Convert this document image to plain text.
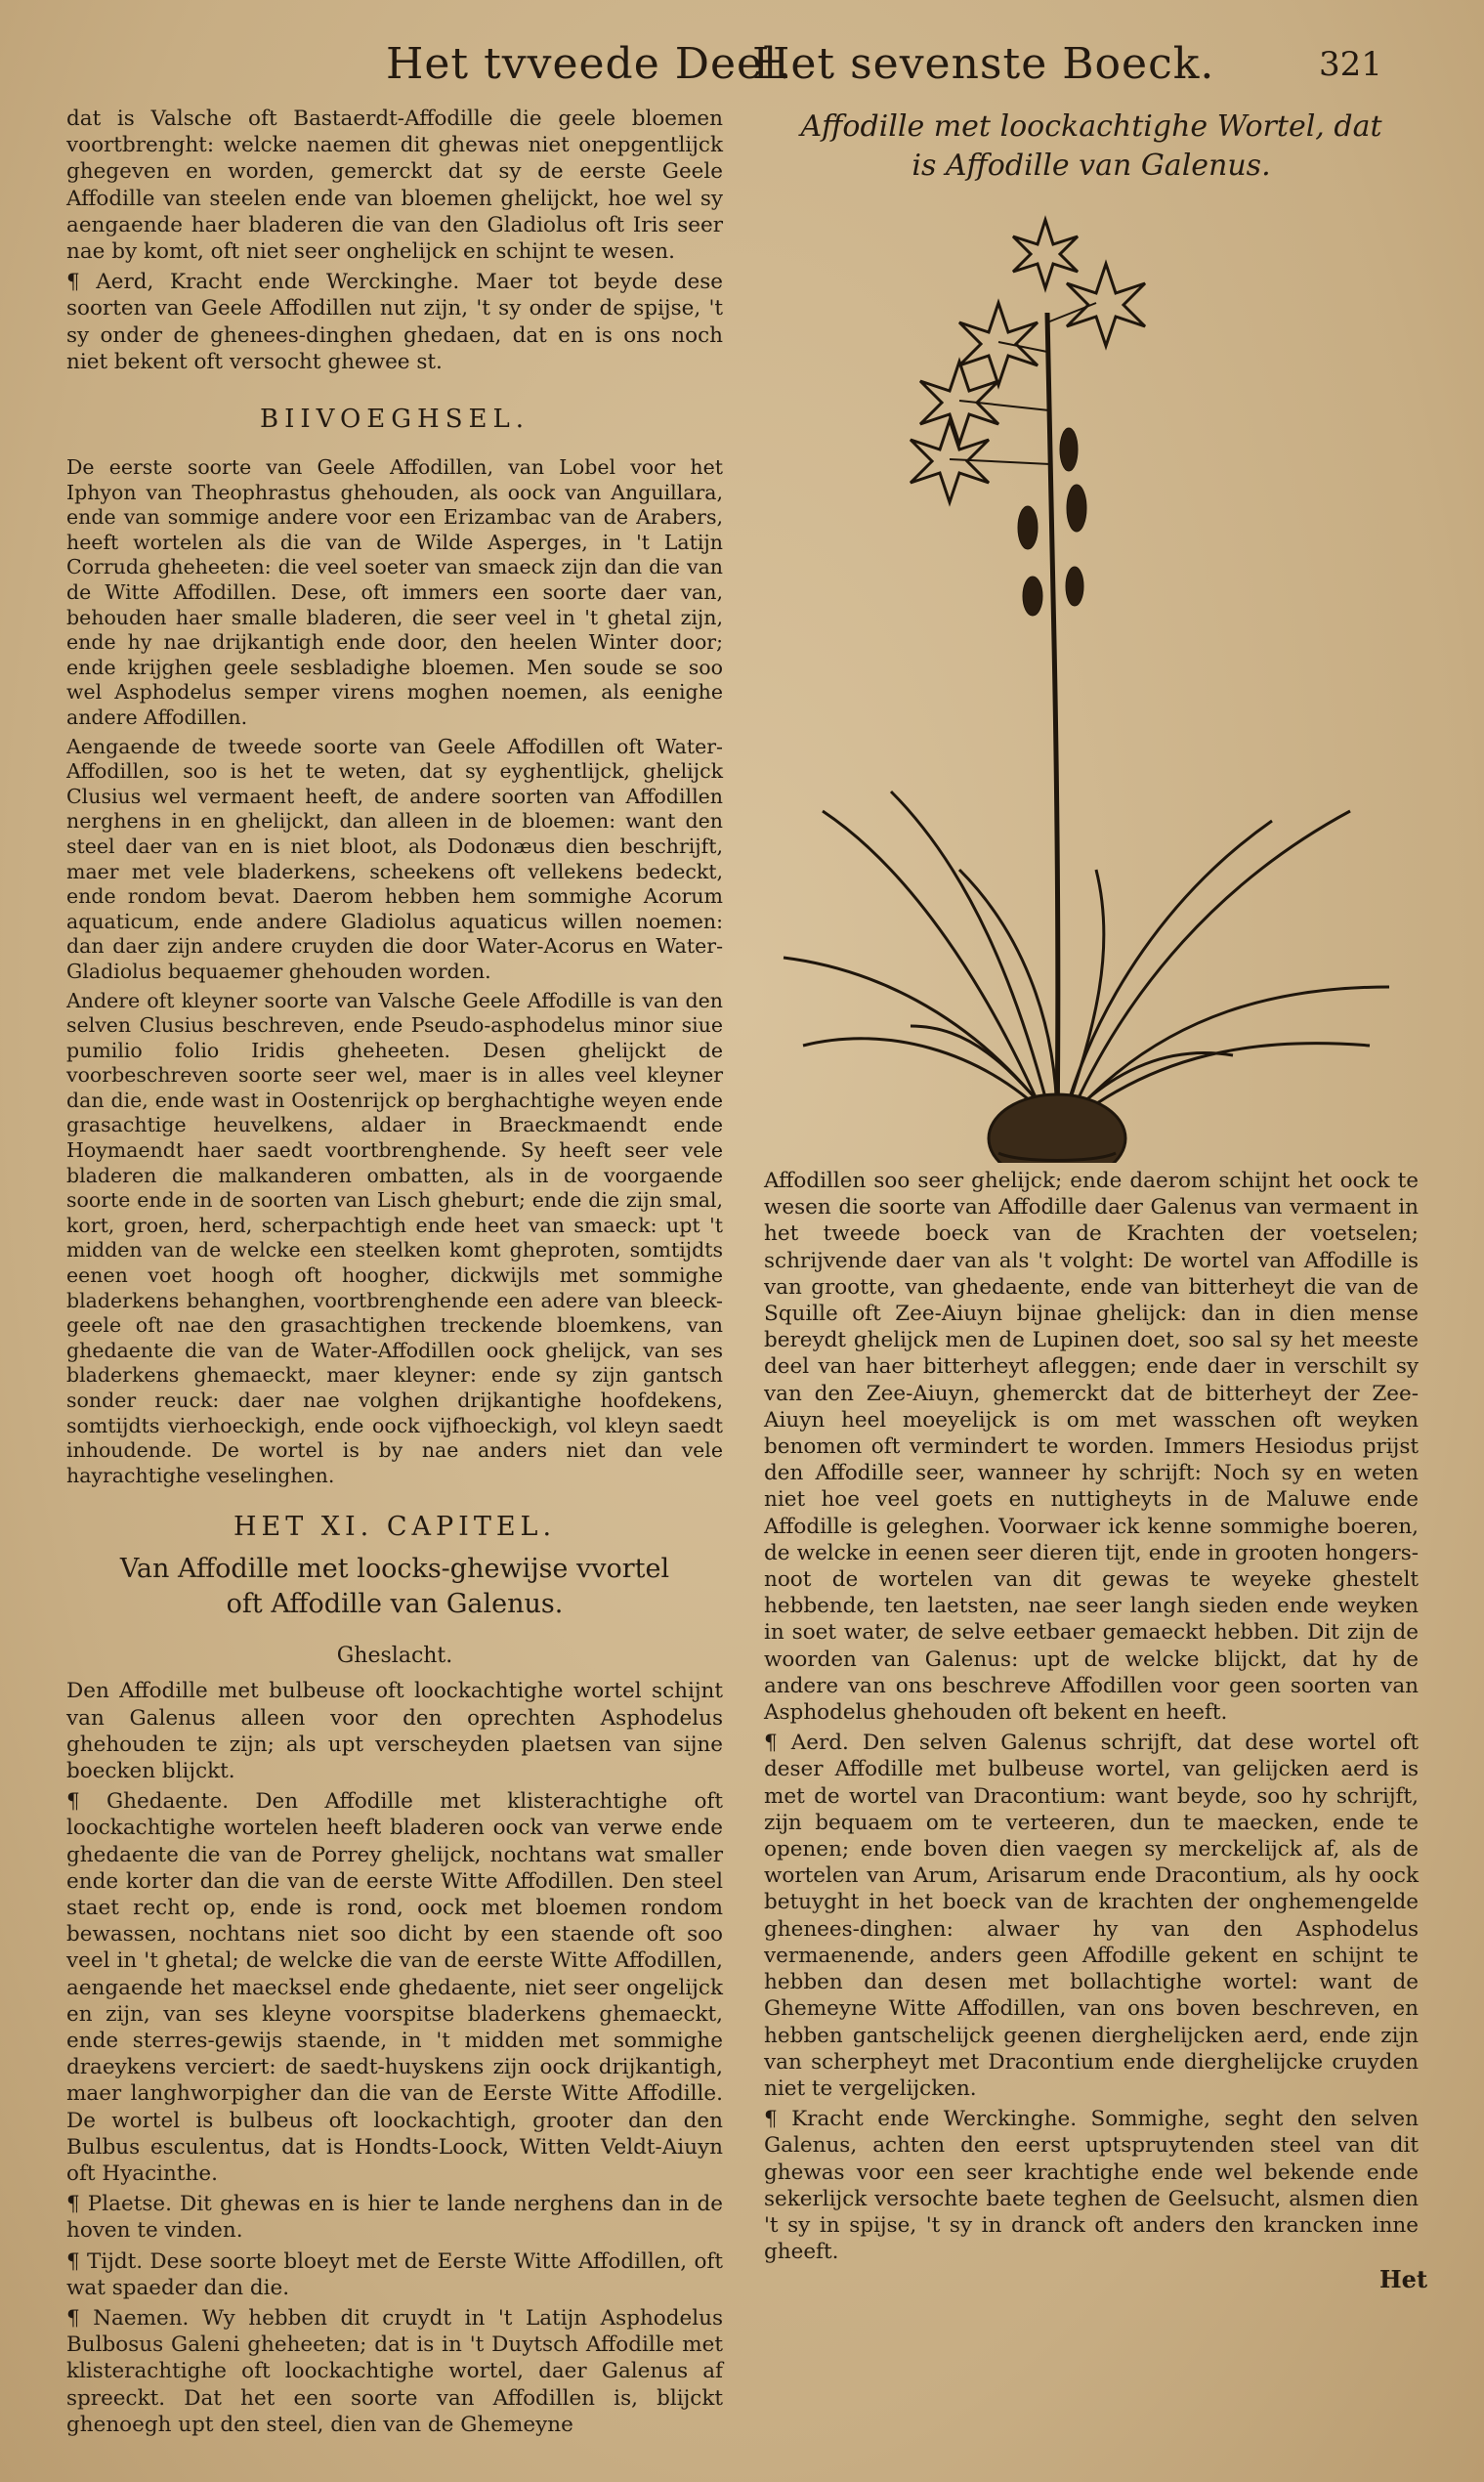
Het tvveede Deel.
Het sevenste Boeck.	321

dat is Valsche oft Bastaerdt-Affodille die geele bloemen voortbrenght: welcke naemen dit ghewas niet onepgentlijck ghegeven en worden, gemerckt dat sy de eerste Geele Affodille van steelen ende van bloemen ghelijckt, hoe wel sy aengaende haer bladeren die van den Gladiolus oft Iris seer nae by komt, oft niet seer onghelijck en schijnt te wesen.

¶ Aerd, Kracht ende Werckinghe. Maer tot beyde dese soorten van Geele Affodillen nut zijn, 't sy onder de spijse, 't sy onder de ghenees-dinghen ghedaen, dat en is ons noch niet bekent oft versocht ghewee st.

BIIVOEGHSEL.

De eerste soorte van Geele Affodillen, van Lobel voor het Iphyon van Theophrastus ghehouden, als oock van Anguillara, ende van sommige andere voor een Erizambac van de Arabers, heeft wortelen als die van de Wilde Asperges, in 't Latijn Corruda gheheeten: die veel soeter van smaeck zijn dan die van de Witte Affodillen. Dese, oft immers een soorte daer van, behouden haer smalle bladeren, die seer veel in 't ghetal zijn, ende hy nae drijkantigh ende door, den heelen Winter door; ende krijghen geele sesbladighe bloemen. Men soude se soo wel Asphodelus semper virens moghen noemen, als eenighe andere Affodillen.

Aengaende de tweede soorte van Geele Affodillen oft Water-Affodillen, soo is het te weten, dat sy eyghentlijck, ghelijck Clusius wel vermaent heeft, de andere soorten van Affodillen nerghens in en ghelijckt, dan alleen in de bloemen: want den steel daer van en is niet bloot, als Dodonæus dien beschrijft, maer met vele bladerkens, scheekens oft vellekens bedeckt, ende rondom bevat. Daerom hebben hem sommighe Acorum aquaticum, ende andere Gladiolus aquaticus willen noemen: dan daer zijn andere cruyden die door Water-Acorus en Water-Gladiolus bequaemer ghehouden worden.

Andere oft kleyner soorte van Valsche Geele Affodille is van den selven Clusius beschreven, ende Pseudo-asphodelus minor siue pumilio folio Iridis gheheeten. Desen ghelijckt de voorbeschreven soorte seer wel, maer is in alles veel kleyner dan die, ende wast in Oostenrijck op berghachtighe weyen ende grasachtige heuvelkens, aldaer in Braeckmaendt ende Hoymaendt haer saedt voortbrenghende. Sy heeft seer vele bladeren die malkanderen ombatten, als in de voorgaende soorte ende in de soorten van Lisch gheburt; ende die zijn smal, kort, groen, herd, scherpachtigh ende heet van smaeck: upt 't midden van de welcke een steelken komt gheproten, somtijdts eenen voet hoogh oft hoogher, dickwijls met sommighe bladerkens behanghen, voortbrenghende een adere van bleeck-geele oft nae den grasachtighen treckende bloemkens, van ghedaente die van de Water-Affodillen oock ghelijck, van ses bladerkens ghemaeckt, maer kleyner: ende sy zijn gantsch sonder reuck: daer nae volghen drijkantighe hoofdekens, somtijdts vierhoeckigh, ende oock vijfhoeckigh, vol kleyn saedt inhoudende. De wortel is by nae anders niet dan vele hayrachtighe veselinghen.

HET XI. CAPITEL.
Van Affodille met loocks-ghewijse vvortel
oft Affodille van Galenus.
Gheslacht.

Den Affodille met bulbeuse oft loockachtighe wortel schijnt van Galenus alleen voor den oprechten Asphodelus ghehouden te zijn; als upt verscheyden plaetsen van sijne boecken blijckt.

¶ Ghedaente. Den Affodille met klisterachtighe oft loockachtighe wortelen heeft bladeren oock van verwe ende ghedaente die van de Porrey ghelijck, nochtans wat smaller ende korter dan die van de eerste Witte Affodillen. Den steel staet recht op, ende is rond, oock met bloemen rondom bewassen, nochtans niet soo dicht by een staende oft soo veel in 't ghetal; de welcke die van de eerste Witte Affodillen, aengaende het maecksel ende ghedaente, niet seer ongelijck en zijn, van ses kleyne voorspitse bladerkens ghemaeckt, ende sterres-gewijs staende, in 't midden met sommighe draeykens verciert: de saedt-huyskens zijn oock drijkantigh, maer langhworpigher dan die van de Eerste Witte Affodille. De wortel is bulbeus oft loockachtigh, grooter dan den Bulbus esculentus, dat is Hondts-Loock, Witten Veldt-Aiuyn oft Hyacinthe.

¶ Plaetse. Dit ghewas en is hier te lande nerghens dan in de hoven te vinden.

¶ Tijdt. Dese soorte bloeyt met de Eerste Witte Affodillen, oft wat spaeder dan die.

¶ Naemen. Wy hebben dit cruydt in 't Latijn Asphodelus Bulbosus Galeni gheheeten; dat is in 't Duytsch Affodille met klisterachtighe oft loockachtighe wortel, daer Galenus af spreeckt. Dat het een soorte van Affodillen is, blijckt ghenoegh upt den steel, dien van de Ghemeyne

Affodille met loockachtighe Wortel, dat

is Affodille van Galenus.

Affodillen soo seer ghelijck; ende daerom schijnt het oock te wesen die soorte van Affodille daer Galenus van vermaent in het tweede boeck van de Krachten der voetselen; schrijvende daer van als 't volght: De wortel van Affodille is van grootte, van ghedaente, ende van bitterheyt die van de Squille oft Zee-Aiuyn bijnae ghelijck: dan in dien mense bereydt ghelijck men de Lupinen doet, soo sal sy het meeste deel van haer bitterheyt afleggen; ende daer in verschilt sy van den Zee-Aiuyn, ghemerckt dat de bitterheyt der Zee-Aiuyn heel moeyelijck is om met wasschen oft weyken benomen oft vermindert te worden. Immers Hesiodus prijst den Affodille seer, wanneer hy schrijft: Noch sy en weten niet hoe veel goets en nuttigheyts in de Maluwe ende Affodille is geleghen. Voorwaer ick kenne sommighe boeren, de welcke in eenen seer dieren tijt, ende in grooten hongers-noot de wortelen van dit gewas te weyeke ghestelt hebbende, ten laetsten, nae seer langh sieden ende weyken in soet water, de selve eetbaer gemaeckt hebben. Dit zijn de woorden van Galenus: upt de welcke blijckt, dat hy de andere van ons beschreve Affodillen voor geen soorten van Asphodelus ghehouden oft bekent en heeft.

¶ Aerd. Den selven Galenus schrijft, dat dese wortel oft deser Affodille met bulbeuse wortel, van gelijcken aerd is met de wortel van Dracontium: want beyde, soo hy schrijft, zijn bequaem om te verteeren, dun te maecken, ende te openen; ende boven dien vaegen sy merckelijck af, als de wortelen van Arum, Arisarum ende Dracontium, als hy oock betuyght in het boeck van de krachten der onghemengelde ghenees-dinghen: alwaer hy van den Asphodelus vermaenende, anders geen Affodille gekent en schijnt te hebben dan desen met bollachtighe wortel: want de Ghemeyne Witte Affodillen, van ons boven beschreven, en hebben gantschelijck geenen dierghelijcken aerd, ende zijn van scherpheyt met Dracontium ende dierghelijcke cruyden niet te vergelijcken.

¶ Kracht ende Werckinghe. Sommighe, seght den selven Galenus, achten den eerst uptspruytenden steel van dit ghewas voor een seer krachtighe ende wel bekende ende sekerlijck versochte baete teghen de Geelsucht, alsmen dien 't sy in spijse, 't sy in dranck oft anders den krancken inne gheeft.

Het
